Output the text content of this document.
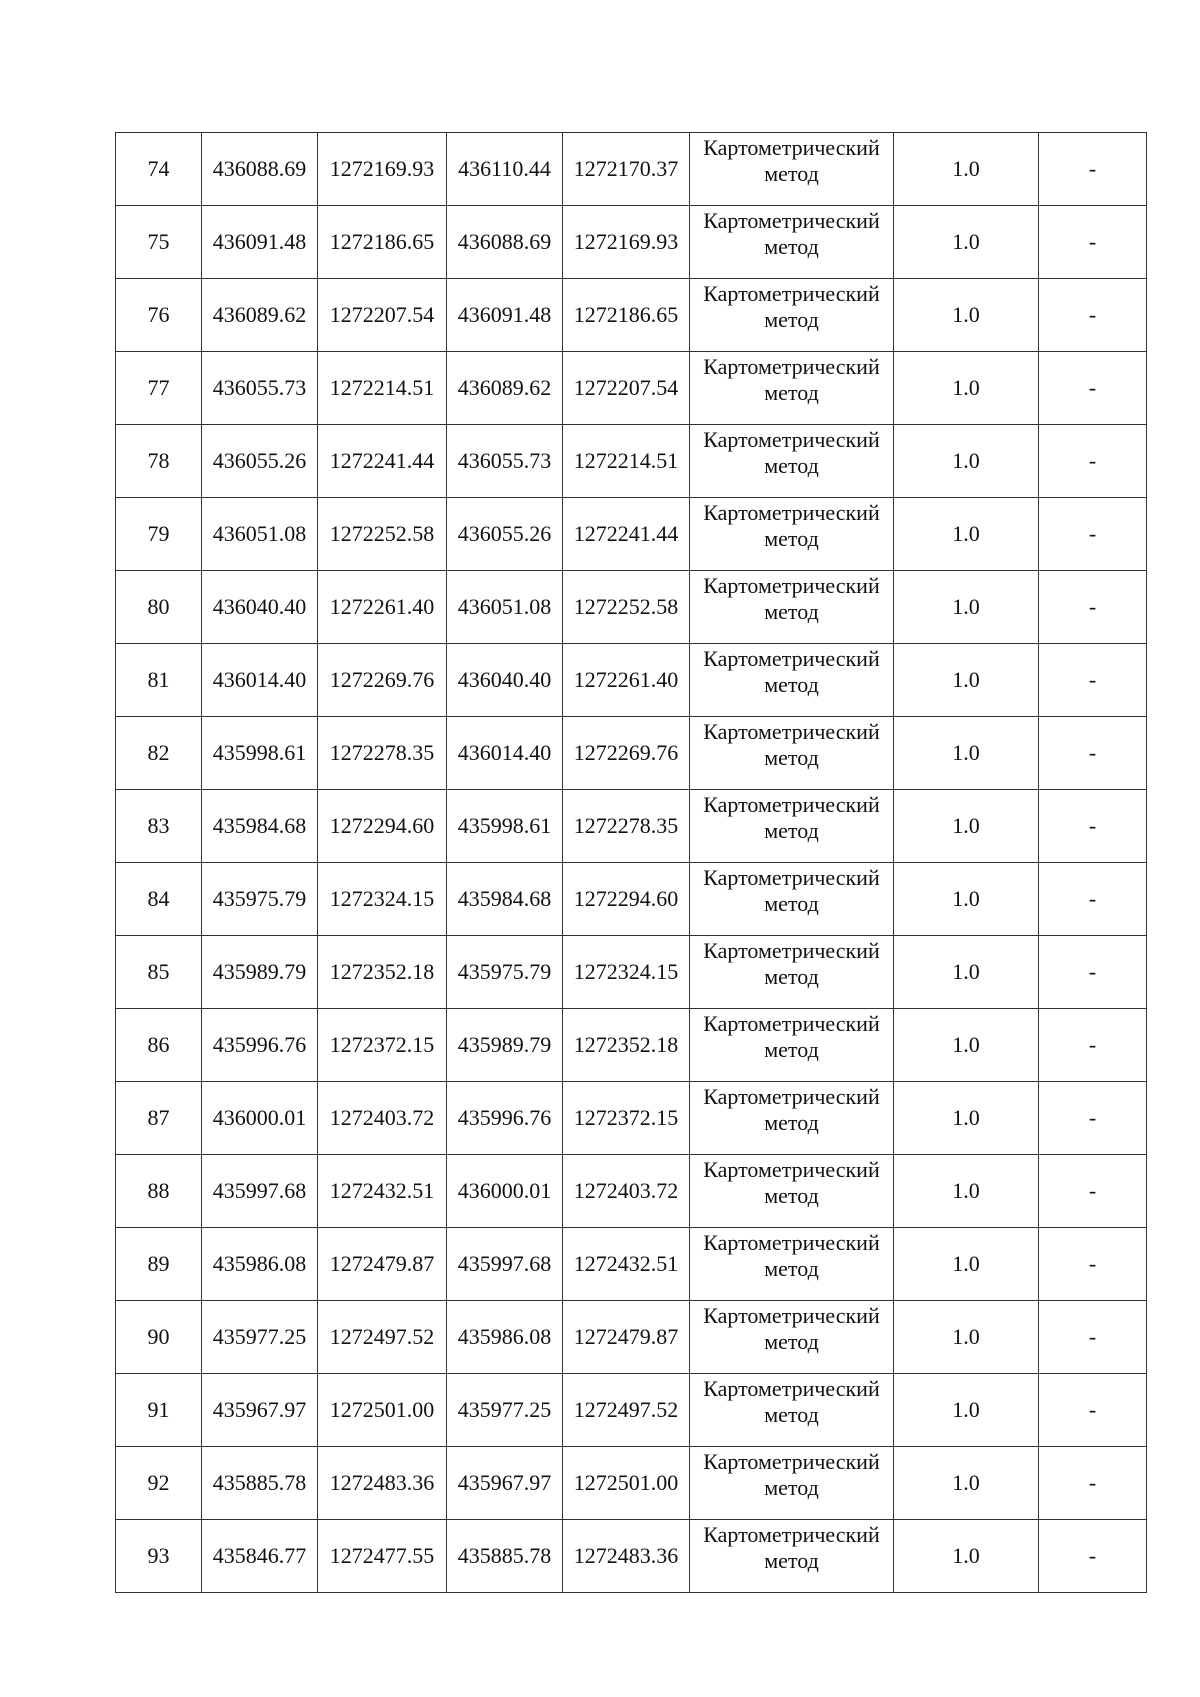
74	436088.69	1272169.93	436110.44	1272170.37	Картометрический
метод	1.0	-
75	436091.48	1272186.65	436088.69	1272169.93	Картометрический
метод	1.0	-
76	436089.62	1272207.54	436091.48	1272186.65	Картометрический
метод	1.0	-
77	436055.73	1272214.51	436089.62	1272207.54	Картометрический
метод	1.0	-
78	436055.26	1272241.44	436055.73	1272214.51	Картометрический
метод	1.0	-
79	436051.08	1272252.58	436055.26	1272241.44	Картометрический
метод	1.0	-
80	436040.40	1272261.40	436051.08	1272252.58	Картометрический
метод	1.0	-
81	436014.40	1272269.76	436040.40	1272261.40	Картометрический
метод	1.0	-
82	435998.61	1272278.35	436014.40	1272269.76	Картометрический
метод	1.0	-
83	435984.68	1272294.60	435998.61	1272278.35	Картометрический
метод	1.0	-
84	435975.79	1272324.15	435984.68	1272294.60	Картометрический
метод	1.0	-
85	435989.79	1272352.18	435975.79	1272324.15	Картометрический
метод	1.0	-
86	435996.76	1272372.15	435989.79	1272352.18	Картометрический
метод	1.0	-
87	436000.01	1272403.72	435996.76	1272372.15	Картометрический
метод	1.0	-
88	435997.68	1272432.51	436000.01	1272403.72	Картометрический
метод	1.0	-
89	435986.08	1272479.87	435997.68	1272432.51	Картометрический
метод	1.0	-
90	435977.25	1272497.52	435986.08	1272479.87	Картометрический
метод	1.0	-
91	435967.97	1272501.00	435977.25	1272497.52	Картометрический
метод	1.0	-
92	435885.78	1272483.36	435967.97	1272501.00	Картометрический
метод	1.0	-
93	435846.77	1272477.55	435885.78	1272483.36	Картометрический
метод	1.0	-
